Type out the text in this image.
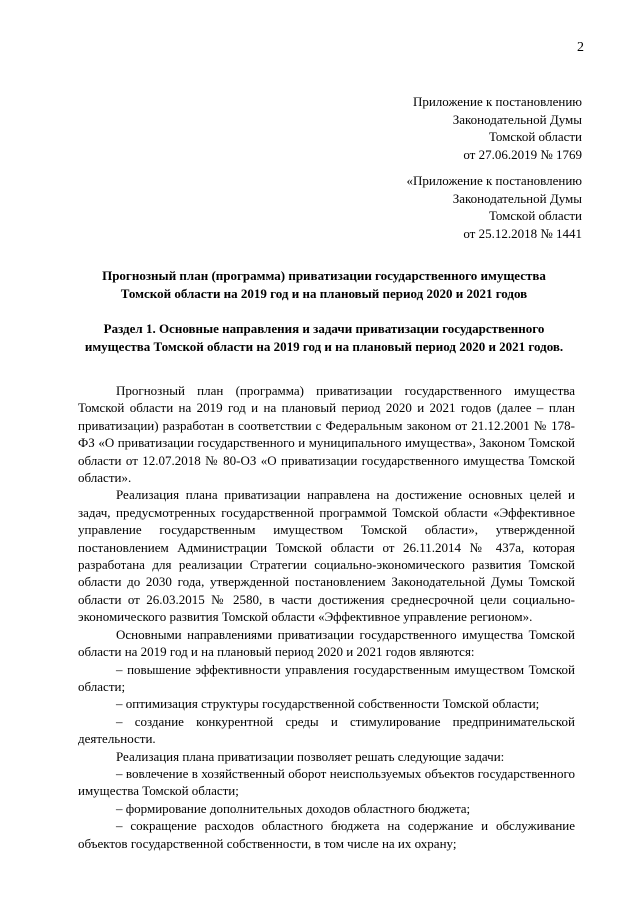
2
Приложение к постановлению
Законодательной Думы
Томской области
от 27.06.2019 № 1769
«Приложение к постановлению
Законодательной Думы
Томской области
от 25.12.2018 № 1441
Прогнозный план (программа) приватизации государственного имущества Томской области на 2019 год и на плановый период 2020 и 2021 годов
Раздел 1. Основные направления и задачи приватизации государственного имущества Томской области на 2019 год и на плановый период 2020 и 2021 годов.

Прогнозный план (программа) приватизации государственного имущества Томской области на 2019 год и на плановый период 2020 и 2021 годов (далее – план приватизации) разработан в соответствии с Федеральным законом от 21.12.2001 № 178-ФЗ «О приватизации государственного и муниципального имущества», Законом Томской области от 12.07.2018 № 80-ОЗ «О приватизации государственного имущества Томской области».

Реализация плана приватизации направлена на достижение основных целей и задач, предусмотренных государственной программой Томской области «Эффективное управление государственным имуществом Томской области», утвержденной постановлением Администрации Томской области от 26.11.2014 № 437а, которая разработана для реализации Стратегии социально-экономического развития Томской области до 2030 года, утвержденной постановлением Законодательной Думы Томской области от 26.03.2015 № 2580, в части достижения среднесрочной цели социально-экономического развития Томской области «Эффективное управление регионом».

Основными направлениями приватизации государственного имущества Томской области на 2019 год и на плановый период 2020 и 2021 годов являются:

– повышение эффективности управления государственным имуществом Томской области;

– оптимизация структуры государственной собственности Томской области;

– создание конкурентной среды и стимулирование предпринимательской деятельности.

Реализация плана приватизации позволяет решать следующие задачи:

– вовлечение в хозяйственный оборот неиспользуемых объектов государственного имущества Томской области;

– формирование дополнительных доходов областного бюджета;

– сокращение расходов областного бюджета на содержание и обслуживание объектов государственной собственности, в том числе на их охрану;
